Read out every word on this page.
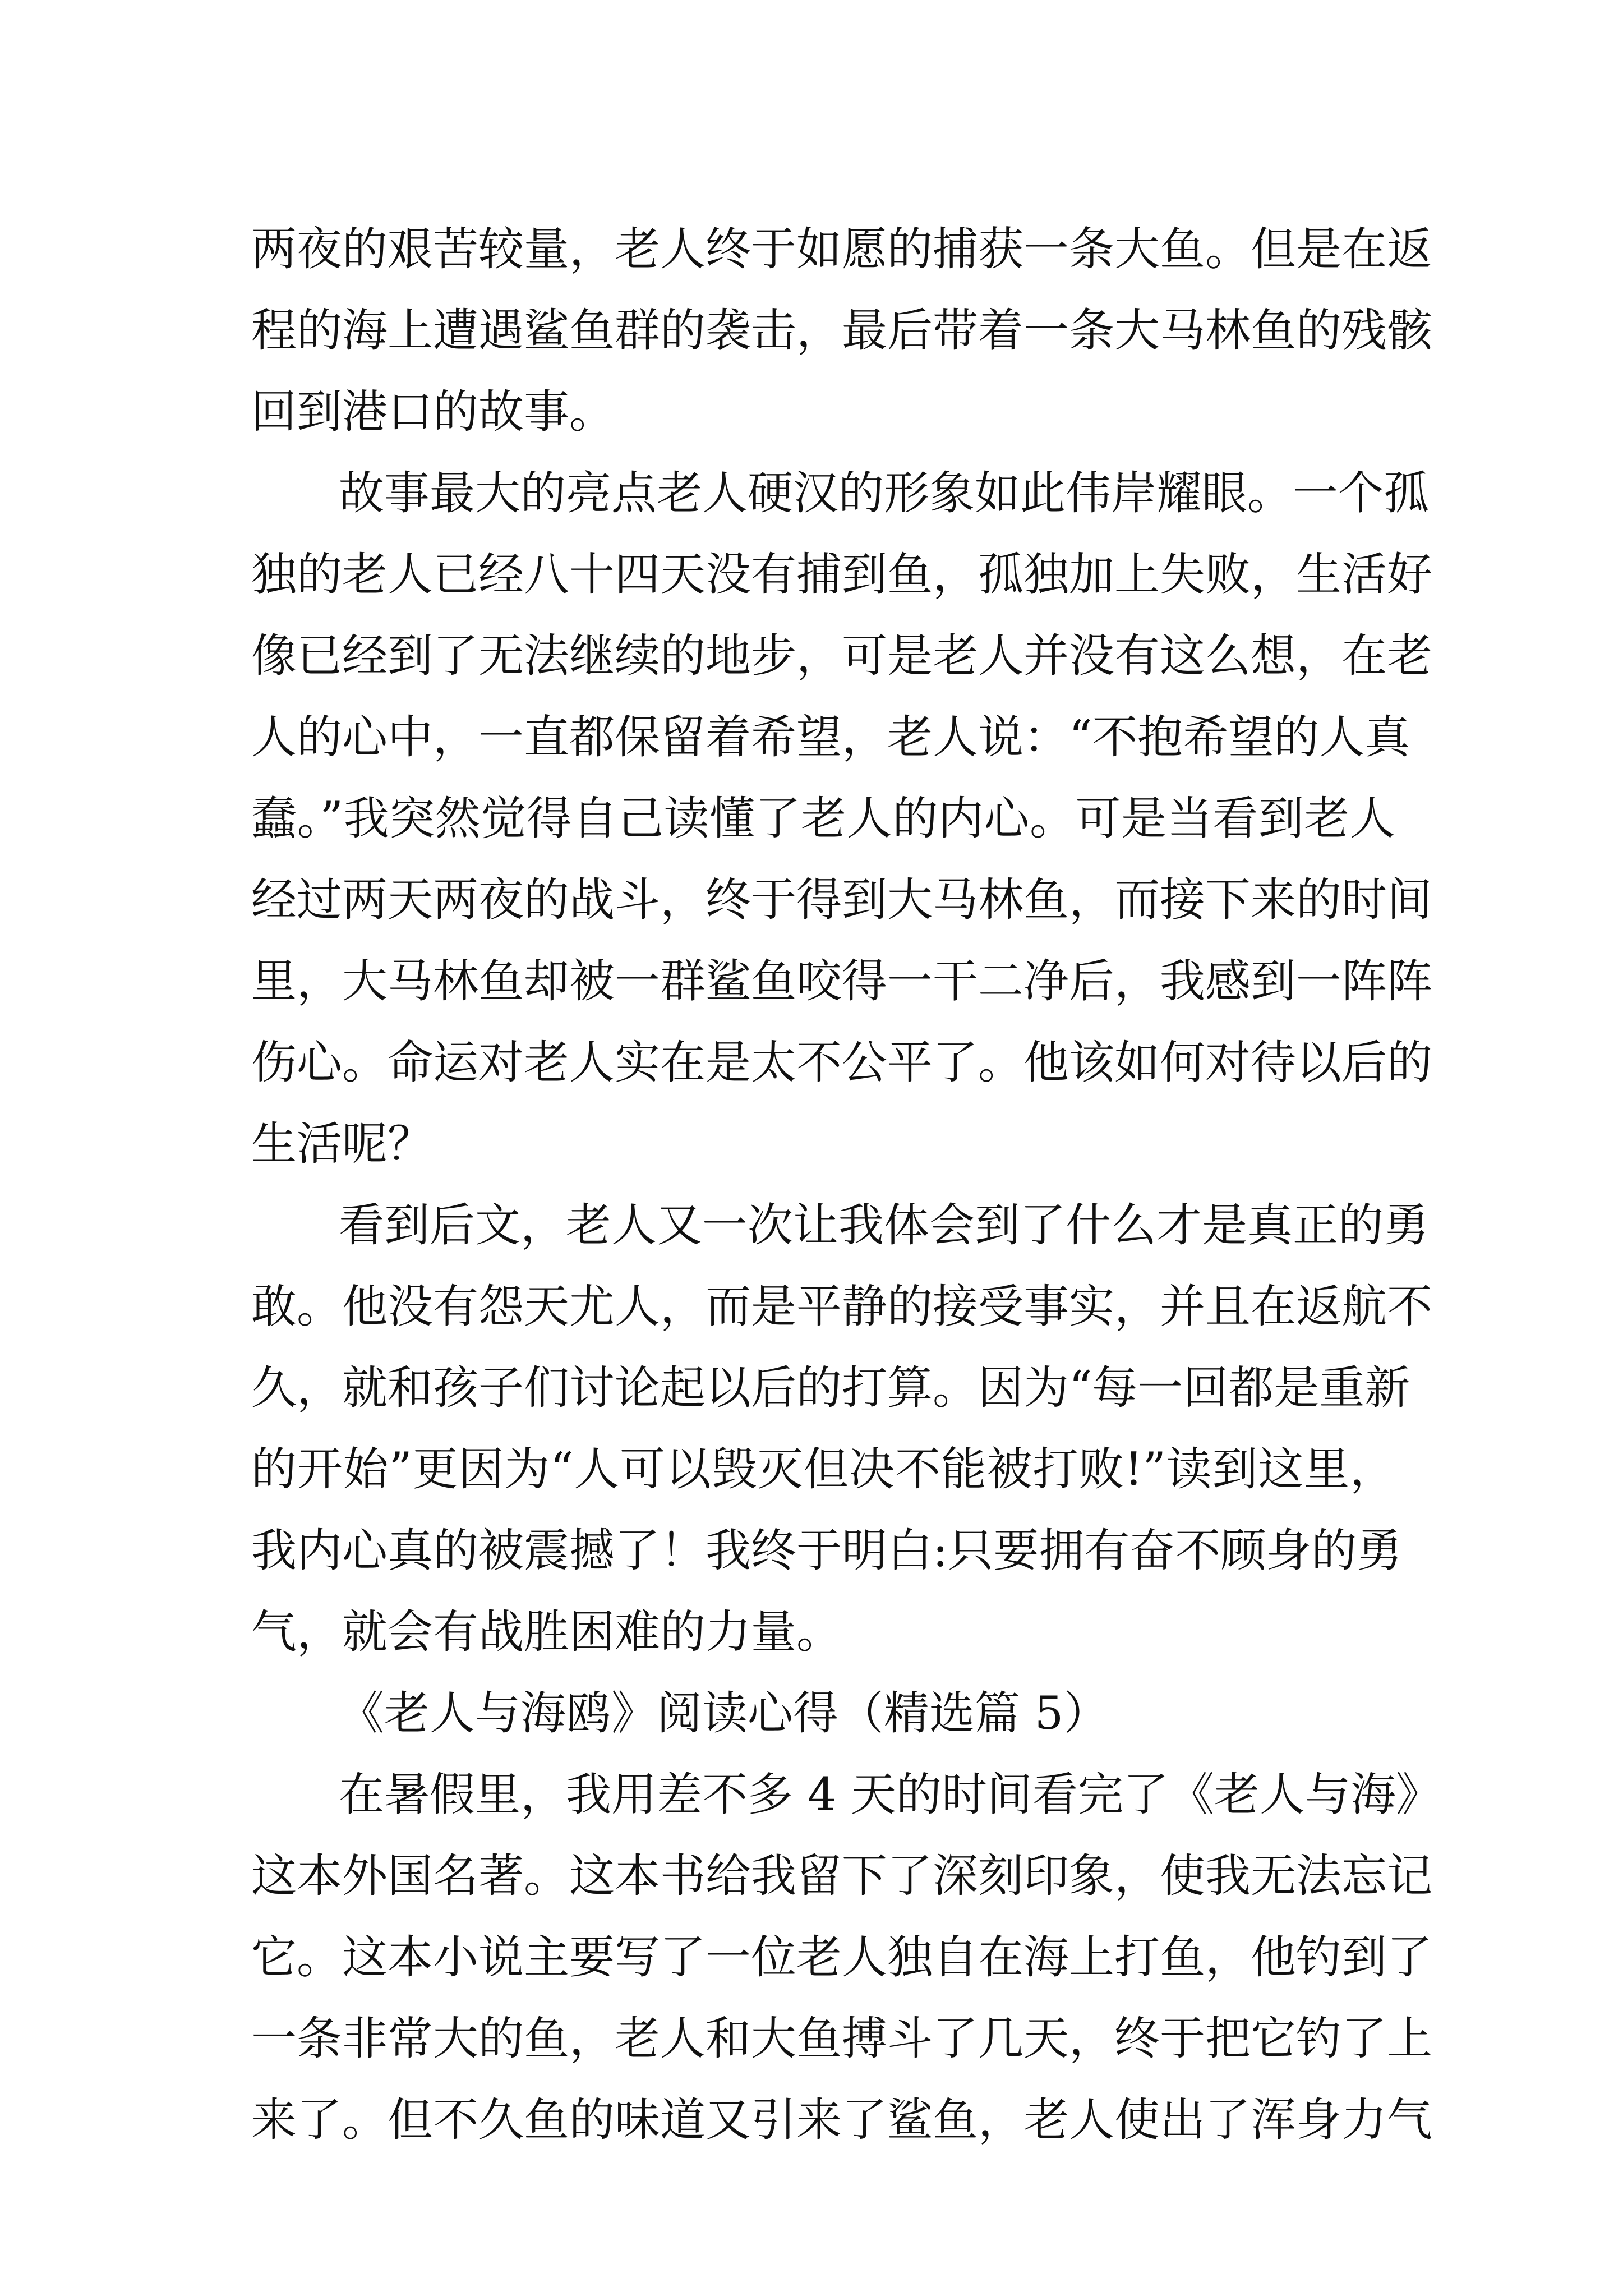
两夜的艰苦较量，老人终于如愿的捕获一条大鱼。但是在返
程的海上遭遇鲨鱼群的袭击，最后带着一条大马林鱼的残骸
回到港口的故事。
故事最大的亮点老人硬汉的形象如此伟岸耀眼。一个孤
独的老人已经八十四天没有捕到鱼，孤独加上失败，生活好
像已经到了无法继续的地步，可是老人并没有这么想，在老
人的心中，一直都保留着希望，老人说：“不抱希望的人真
蠢。”我突然觉得自己读懂了老人的内心。可是当看到老人
经过两天两夜的战斗，终于得到大马林鱼，而接下来的时间
里，大马林鱼却被一群鲨鱼咬得一干二净后，我感到一阵阵
伤心。命运对老人实在是太不公平了。他该如何对待以后的
生活呢？
看到后文，老人又一次让我体会到了什么才是真正的勇
敢。他没有怨天尤人，而是平静的接受事实，并且在返航不
久，就和孩子们讨论起以后的打算。因为“每一回都是重新
的开始”更因为“人可以毁灭但决不能被打败!”读到这里，
我内心真的被震撼了！我终于明白:只要拥有奋不顾身的勇
气，就会有战胜困难的力量。
《老人与海鸥》阅读心得（精选篇 5）
在暑假里，我用差不多 4 天的时间看完了《老人与海》
这本外国名著。这本书给我留下了深刻印象，使我无法忘记
它。这本小说主要写了一位老人独自在海上打鱼，他钓到了
一条非常大的鱼，老人和大鱼搏斗了几天，终于把它钓了上
来了。但不久鱼的味道又引来了鲨鱼，老人使出了浑身力气
